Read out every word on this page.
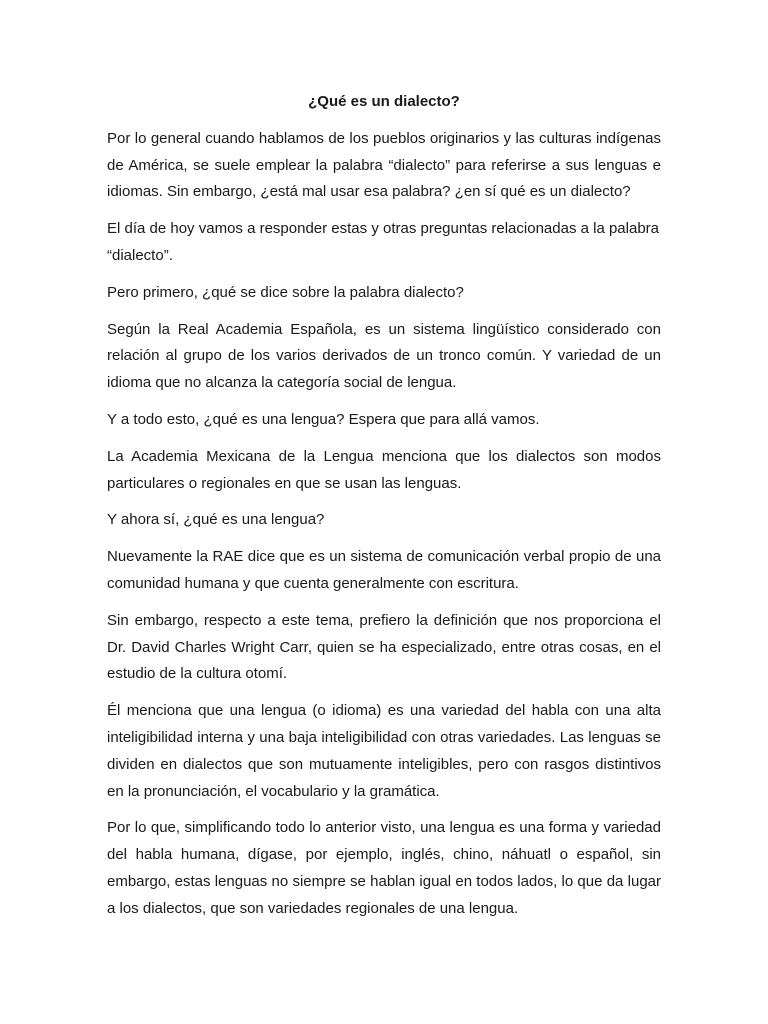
¿Qué es un dialecto?

Por lo general cuando hablamos de los pueblos originarios y las culturas indígenas de América, se suele emplear la palabra “dialecto” para referirse a sus lenguas e idiomas. Sin embargo, ¿está mal usar esa palabra? ¿en sí qué es un dialecto?

El día de hoy vamos a responder estas y otras preguntas relacionadas a la palabra “dialecto”.

Pero primero, ¿qué se dice sobre la palabra dialecto?

Según la Real Academia Española, es un sistema lingüístico considerado con relación al grupo de los varios derivados de un tronco común. Y variedad de un idioma que no alcanza la categoría social de lengua.

Y a todo esto, ¿qué es una lengua? Espera que para allá vamos.

La Academia Mexicana de la Lengua menciona que los dialectos son modos particulares o regionales en que se usan las lenguas.

Y ahora sí, ¿qué es una lengua?

Nuevamente la RAE dice que es un sistema de comunicación verbal propio de una comunidad humana y que cuenta generalmente con escritura.

Sin embargo, respecto a este tema, prefiero la definición que nos proporciona el Dr. David Charles Wright Carr, quien se ha especializado, entre otras cosas, en el estudio de la cultura otomí.

Él menciona que una lengua (o idioma) es una variedad del habla con una alta inteligibilidad interna y una baja inteligibilidad con otras variedades. Las lenguas se dividen en dialectos que son mutuamente inteligibles, pero con rasgos distintivos en la pronunciación, el vocabulario y la gramática.

Por lo que, simplificando todo lo anterior visto, una lengua es una forma y variedad del habla humana, dígase, por ejemplo, inglés, chino, náhuatl o español, sin embargo, estas lenguas no siempre se hablan igual en todos lados, lo que da lugar a los dialectos, que son variedades regionales de una lengua.
